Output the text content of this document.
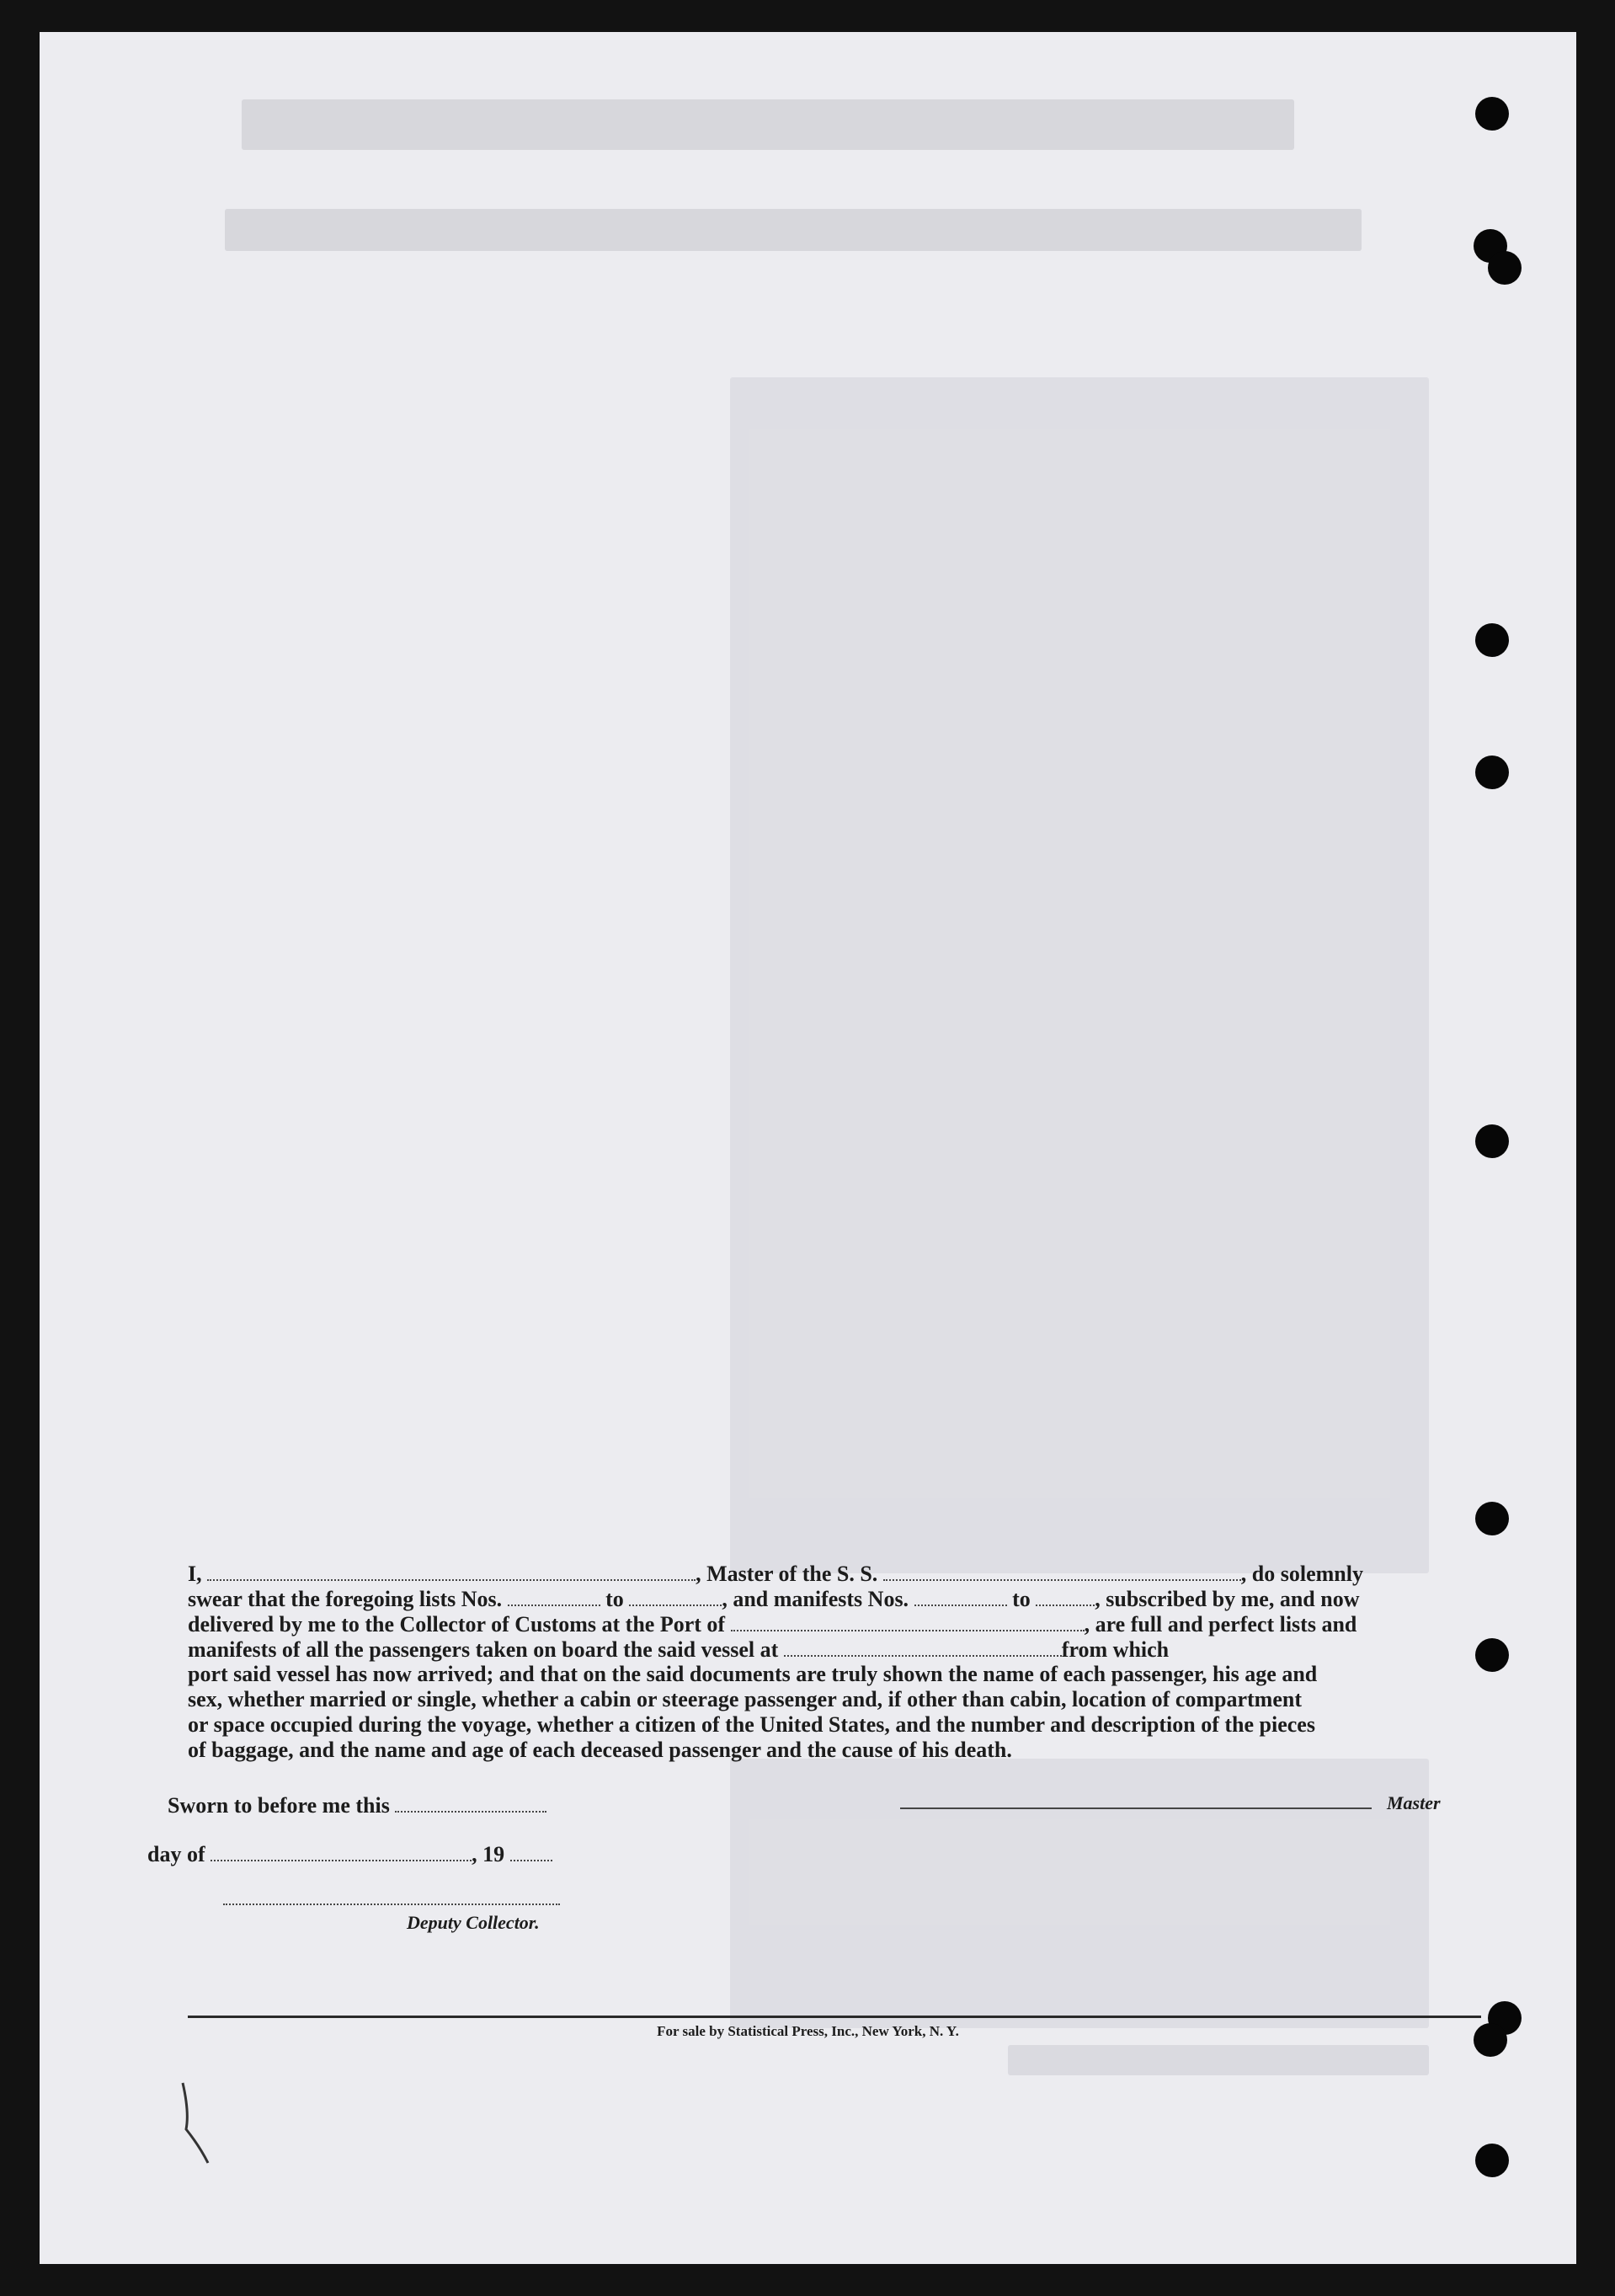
I,	, Master of the S. S.	, do solemnly
swear that the foregoing lists Nos.	to	, and manifests Nos.	to	, subscribed by me, and now
delivered by me to the Collector of Customs at the Port of	, are full and perfect lists and
manifests of all the passengers taken on board the said vessel at	from which
port said vessel has now arrived; and that on the said documents are truly shown the name of each passenger, his age and
sex, whether married or single, whether a cabin or steerage passenger and, if other than cabin, location of compartment
or space occupied during the voyage, whether a citizen of the United States, and the number and description of the pieces
of baggage, and the name and age of each deceased passenger and the cause of his death.
Sworn to before me this	Master
day of	, 19
Deputy Collector.
For sale by Statistical Press, Inc., New York, N. Y.
